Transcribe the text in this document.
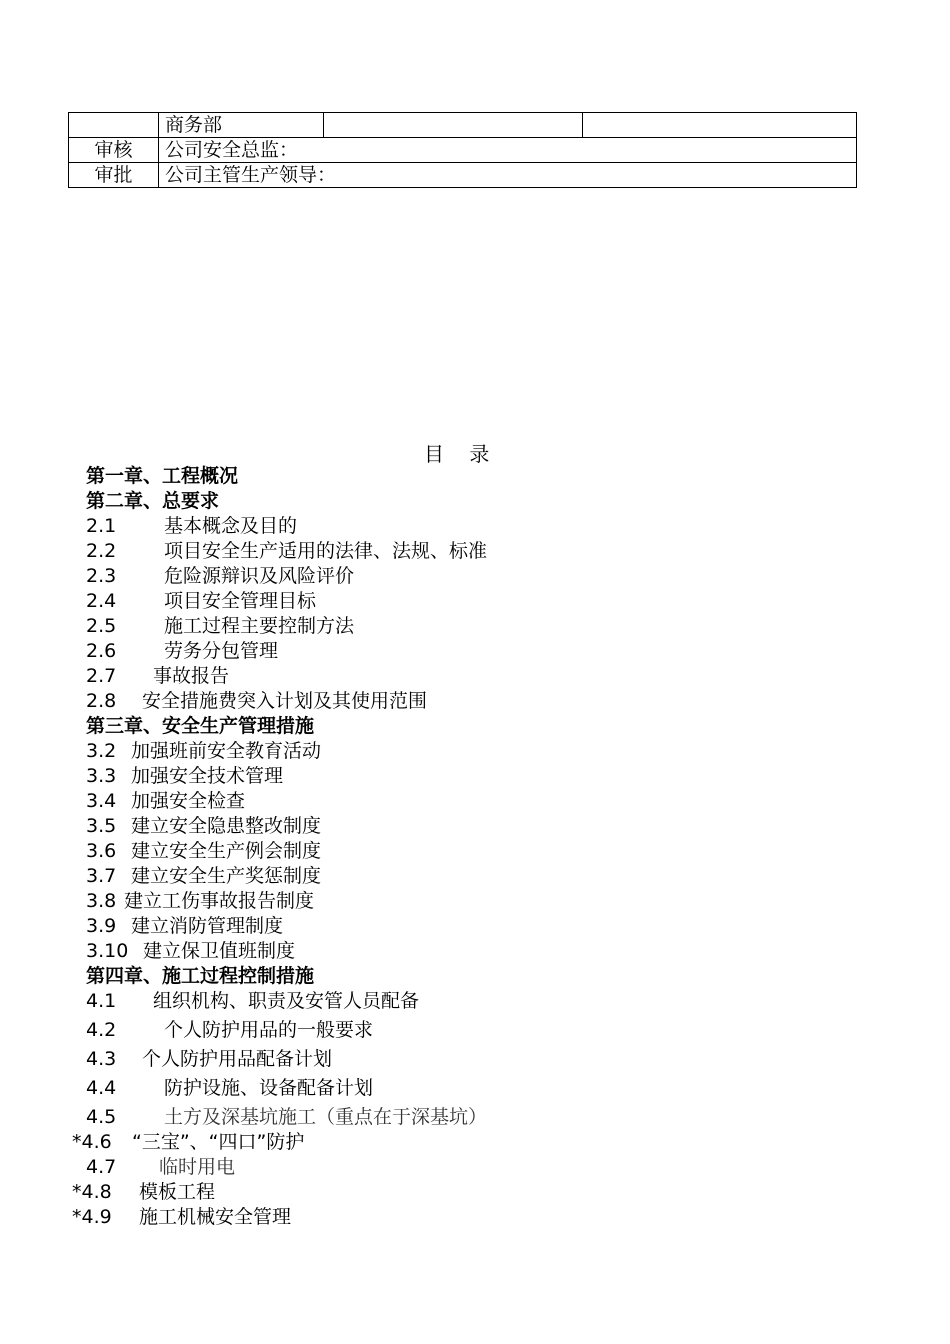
	商务部		
审核	公司安全总监：		
审批	公司主管生产领导：		
目    录
第一章、工程概况
第二章、总要求
2.1	基本概念及目的
2.2	项目安全生产适用的法律、法规、标准
2.3	危险源辩识及风险评价
2.4	项目安全管理目标
2.5	施工过程主要控制方法
2.6	劳务分包管理
2.7 事故报告
2.8 安全措施费突入计划及其使用范围
第三章、安全生产管理措施
3.2 加强班前安全教育活动
3.3 加强安全技术管理
3.4 加强安全检查
3.5 建立安全隐患整改制度
3.6 建立安全生产例会制度
3.7 建立安全生产奖惩制度
3.8 建立工伤事故报告制度
3.9 建立消防管理制度
3.10 建立保卫值班制度
第四章、施工过程控制措施
4.1 组织机构、职责及安管人员配备
4.2	个人防护用品的一般要求
4.3 个人防护用品配备计划
4.4	防护设施、设备配备计划
4.5	土方及深基坑施工（重点在于深基坑）
*4.6 “三宝”、“四口”防护
4.7 临时用电
*4.8 模板工程
*4.9 施工机械安全管理
